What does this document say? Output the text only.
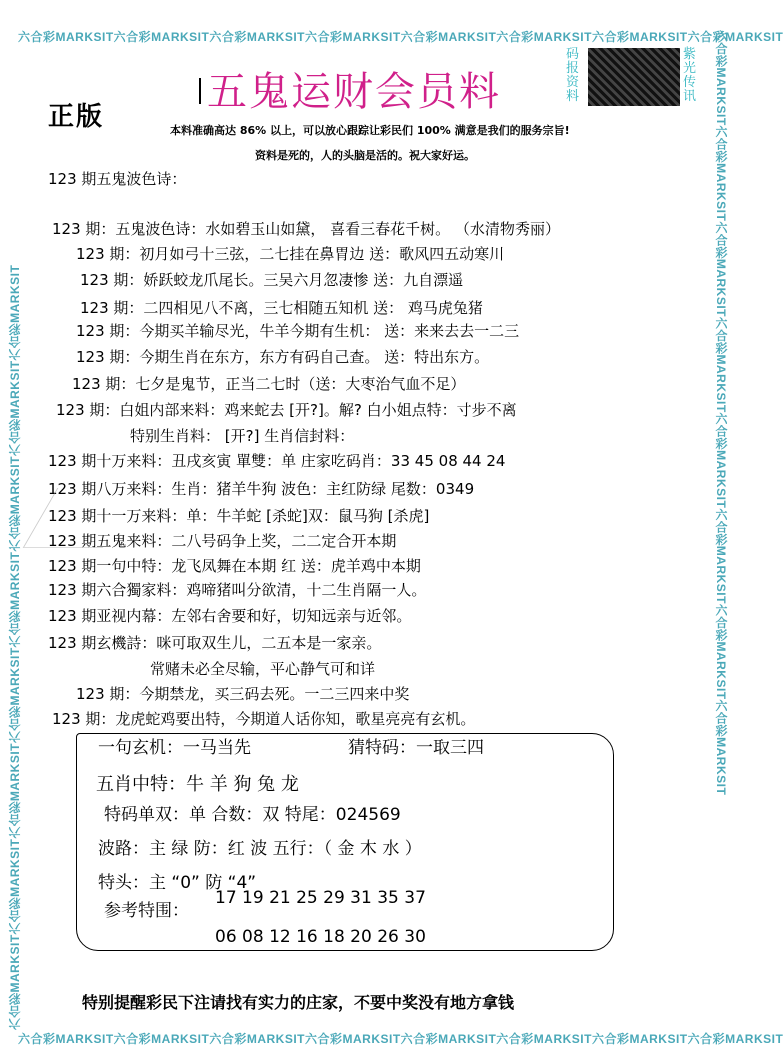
六合彩MARKSIT六合彩MARKSIT六合彩MARKSIT六合彩MARKSIT六合彩MARKSIT六合彩MARKSIT六合彩MARKSIT六合彩MARKSIT
六合彩MARKSIT六合彩MARKSIT六合彩MARKSIT六合彩MARKSIT六合彩MARKSIT六合彩MARKSIT六合彩MARKSIT六合彩MARKSIT
六合彩MARKSIT六合彩MARKSIT六合彩MARKSIT六合彩MARKSIT六合彩MARKSIT六合彩MARKSIT六合彩MARKSIT六合彩MARKSIT	六合彩MARKSIT六合彩MARKSIT六合彩MARKSIT六合彩MARKSIT六合彩MARKSIT六合彩MARKSIT六合彩MARKSIT六合彩MARKSIT
正版
五鬼运财会员料
码报资料
紫光传讯
本料准确高达 86% 以上，可以放心跟踪让彩民们 100% 满意是我们的服务宗旨!
资料是死的，人的头脑是活的。祝大家好运。
123 期五鬼波色诗：
123 期：五鬼波色诗：水如碧玉山如黛， 喜看三春花千树。 （水清物秀丽）
123 期：初月如弓十三弦，二七挂在鼻胃边 送：歌风四五动寒川
123 期：娇跃蛟龙爪尾长。三吴六月忽凄惨 送：九自漂遥
123 期：二四相见八不离，三七相随五知机 送： 鸡马虎兔猪
123 期：今期买羊输尽光，牛羊今期有生机： 送：来来去去一二三
123 期：今期生肖在东方，东方有码自己查。 送：特出东方。
123 期：七夕是鬼节，正当二七时（送：大枣治气血不足）
123 期：白姐内部来料：鸡来蛇去 [开?]。解? 白小姐点特：寸步不离
特别生肖料： [开?] 生肖信封料：
123 期十万来料：丑戌亥寅 單雙：单 庄家吃码肖：33 45 08 44 24
123 期八万来料：生肖：猪羊牛狗 波色：主红防绿 尾数：0349
123 期十一万来料：单：牛羊蛇 [杀蛇]双：鼠马狗 [杀虎]
123 期五鬼来料：二八号码争上奖，二二定合开本期
123 期一句中特：龙飞凤舞在本期 红 送：虎羊鸡中本期
123 期六合獨家料：鸡啼猪叫分欲清，十二生肖隔一人。
123 期亚视内幕：左邻右舍要和好，切知远亲与近邻。
123 期玄機詩：咪可取双生儿，二五本是一家亲。
常赌未必全尽输，平心静气可和详
123 期：今期禁龙，买三码去死。一二三四来中奖
123 期：龙虎蛇鸡要出特，今期道人话你知，歌星亮亮有玄机。
一句玄机：一马当先	猜特码：一取三四
五肖中特：牛 羊 狗 兔 龙
特码单双：单 合数：双 特尾：024569
波路：主 绿 防：红 波 五行：（ 金 木 水 ）
特头：主 “0” 防 “4”
参考特围：
17 19 21 25 29 31 35 37
06 08 12 16 18 20 26 30
特别提醒彩民下注请找有实力的庄家，不要中奖没有地方拿钱
